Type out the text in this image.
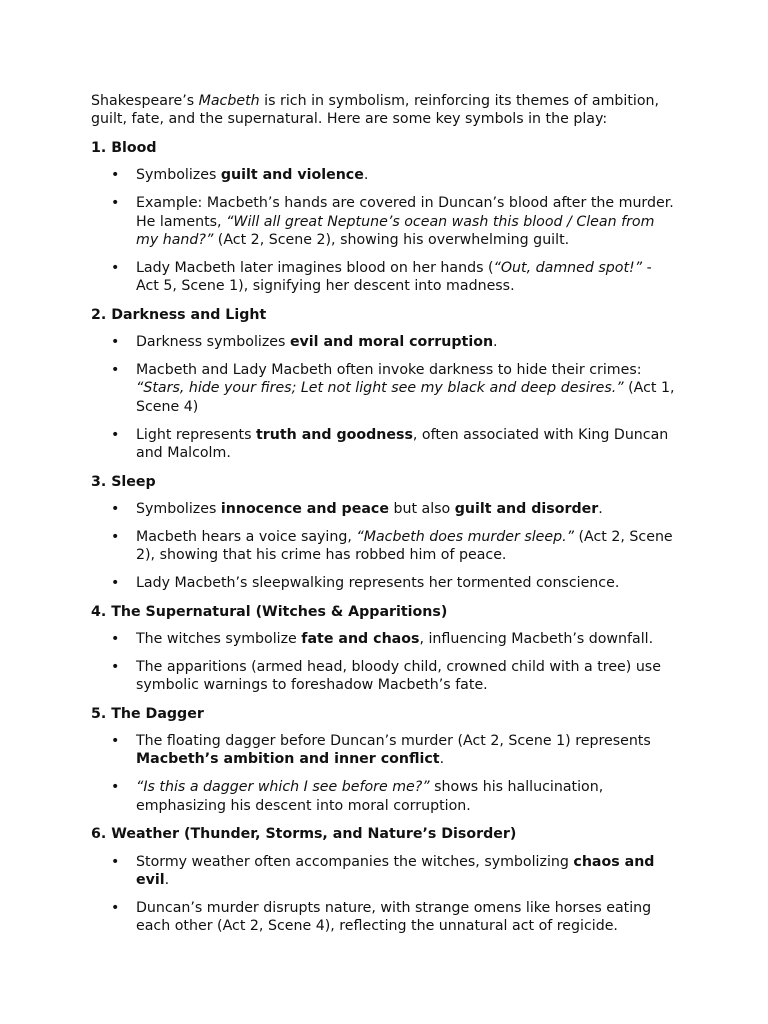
Shakespeare’s Macbeth is rich in symbolism, reinforcing its themes of ambition, guilt, fate, and the supernatural. Here are some key symbols in the play:

1. Blood
• Symbolizes guilt and violence.
• Example: Macbeth’s hands are covered in Duncan’s blood after the murder. He laments, “Will all great Neptune’s ocean wash this blood / Clean from my hand?” (Act 2, Scene 2), showing his overwhelming guilt.
• Lady Macbeth later imagines blood on her hands (“Out, damned spot!” - Act 5, Scene 1), signifying her descent into madness.
2. Darkness and Light
• Darkness symbolizes evil and moral corruption.
• Macbeth and Lady Macbeth often invoke darkness to hide their crimes: “Stars, hide your fires; Let not light see my black and deep desires.” (Act 1, Scene 4)
• Light represents truth and goodness, often associated with King Duncan and Malcolm.
3. Sleep
• Symbolizes innocence and peace but also guilt and disorder.
• Macbeth hears a voice saying, “Macbeth does murder sleep.” (Act 2, Scene 2), showing that his crime has robbed him of peace.
• Lady Macbeth’s sleepwalking represents her tormented conscience.
4. The Supernatural (Witches & Apparitions)
• The witches symbolize fate and chaos, influencing Macbeth’s downfall.
• The apparitions (armed head, bloody child, crowned child with a tree) use symbolic warnings to foreshadow Macbeth’s fate.
5. The Dagger
• The floating dagger before Duncan’s murder (Act 2, Scene 1) represents Macbeth’s ambition and inner conflict.
• “Is this a dagger which I see before me?” shows his hallucination, emphasizing his descent into moral corruption.
6. Weather (Thunder, Storms, and Nature’s Disorder)
• Stormy weather often accompanies the witches, symbolizing chaos and evil.
• Duncan’s murder disrupts nature, with strange omens like horses eating each other (Act 2, Scene 4), reflecting the unnatural act of regicide.
